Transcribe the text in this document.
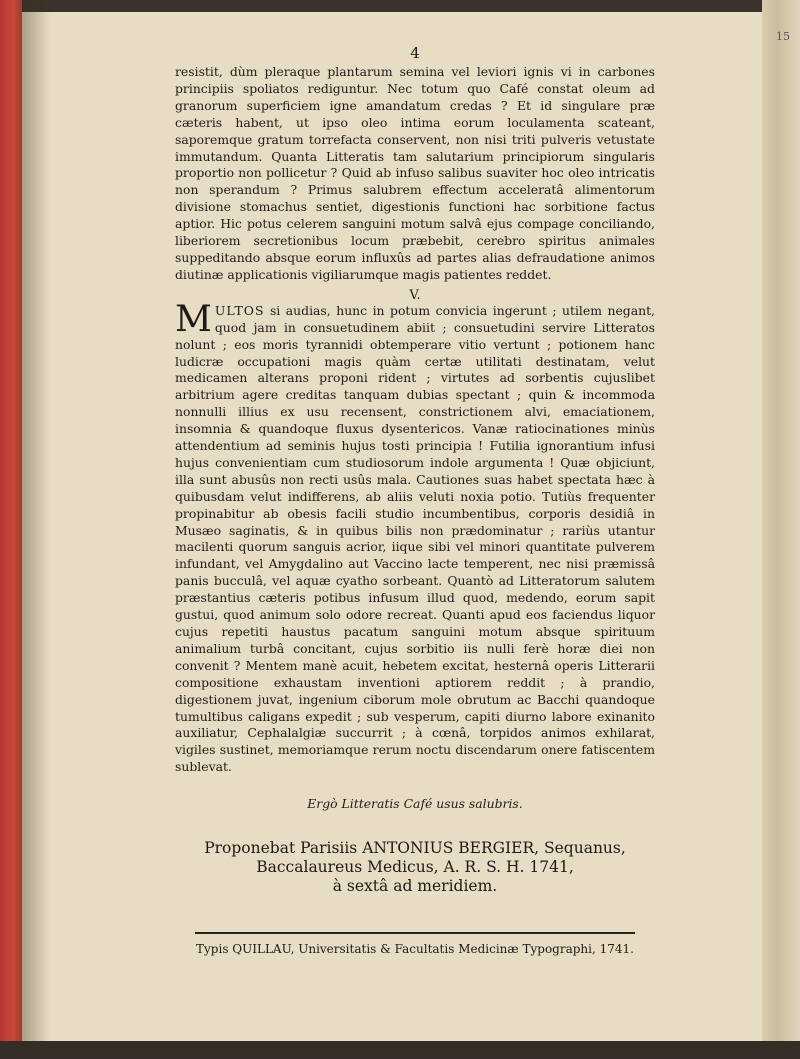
15
4

resistit, dùm pleraque plantarum semina vel leviori ignis vi in carbones principiis spoliatos rediguntur. Nec totum quo Café constat oleum ad granorum superficiem igne amandatum credas ? Et id singulare præ cæteris habent, ut ipso oleo intima eorum loculamenta scateant, saporemque gratum torrefacta conservent, non nisi triti pulveris vetustate immutandum. Quanta Litteratis tam salutarium principiorum singularis proportio non pollicetur ? Quid ab infuso salibus suaviter hoc oleo intricatis non sperandum ? Primus salubrem effectum acceleratâ alimentorum divisione stomachus sentiet, digestionis functioni hac sorbitione factus aptior. Hic potus celerem sanguini motum salvâ ejus compage conciliando, liberiorem secretionibus locum præbebit, cerebro spiritus animales suppeditando absque eorum influxûs ad partes alias defraudatione animos diutinæ applicationis vigiliarumque magis patientes reddet.

V.

MULTOS si audias, hunc in potum convicia ingerunt ; utilem negant, quod jam in consuetudinem abiit ; consuetudini servire Litteratos nolunt ; eos moris tyrannidi obtemperare vitio vertunt ; potionem hanc ludicræ occupationi magis quàm certæ utilitati destinatam, velut medicamen alterans proponi rident ; virtutes ad sorbentis cujuslibet arbitrium agere creditas tanquam dubias spectant ; quin & incommoda nonnulli illius ex usu recensent, constrictionem alvi, emaciationem, insomnia & quandoque fluxus dysentericos. Vanæ ratiocinationes minùs attendentium ad seminis hujus tosti principia ! Futilia ignorantium infusi hujus convenientiam cum studiosorum indole argumenta ! Quæ objiciunt, illa sunt abusûs non recti usûs mala. Cautiones suas habet spectata hæc à quibusdam velut indifferens, ab aliis veluti noxia potio. Tutiùs frequenter propinabitur ab obesis facili studio incumbentibus, corporis desidiâ in Musæo saginatis, & in quibus bilis non prædominatur ; rariùs utantur macilenti quorum sanguis acrior, iique sibi vel minori quantitate pulverem infundant, vel Amygdalino aut Vaccino lacte temperent, nec nisi præmissâ panis bucculâ, vel aquæ cyatho sorbeant. Quantò ad Litteratorum salutem præstantius cæteris potibus infusum illud quod, medendo, eorum sapit gustui, quod animum solo odore recreat. Quanti apud eos faciendus liquor cujus repetiti haustus pacatum sanguini motum absque spirituum animalium turbâ concitant, cujus sorbitio iis nulli ferè horæ diei non convenit ? Mentem manè acuit, hebetem excitat, hesternâ operis Litterarii compositione exhaustam inventioni aptiorem reddit ; à prandio, digestionem juvat, ingenium ciborum mole obrutum ac Bacchi quandoque tumultibus caligans expedit ; sub vesperum, capiti diurno labore exinanito auxiliatur, Cephalalgiæ succurrit ; à cœnâ, torpidos animos exhilarat, vigiles sustinet, memoriamque rerum noctu discendarum onere fatiscentem sublevat.

Ergò Litteratis Café usus salubris.
Proponebat Parisiis ANTONIUS BERGIER, Sequanus,
Baccalaureus Medicus, A. R. S. H. 1741,
à sextâ ad meridiem.
Typis QUILLAU, Universitatis & Facultatis Medicinæ Typographi, 1741.
